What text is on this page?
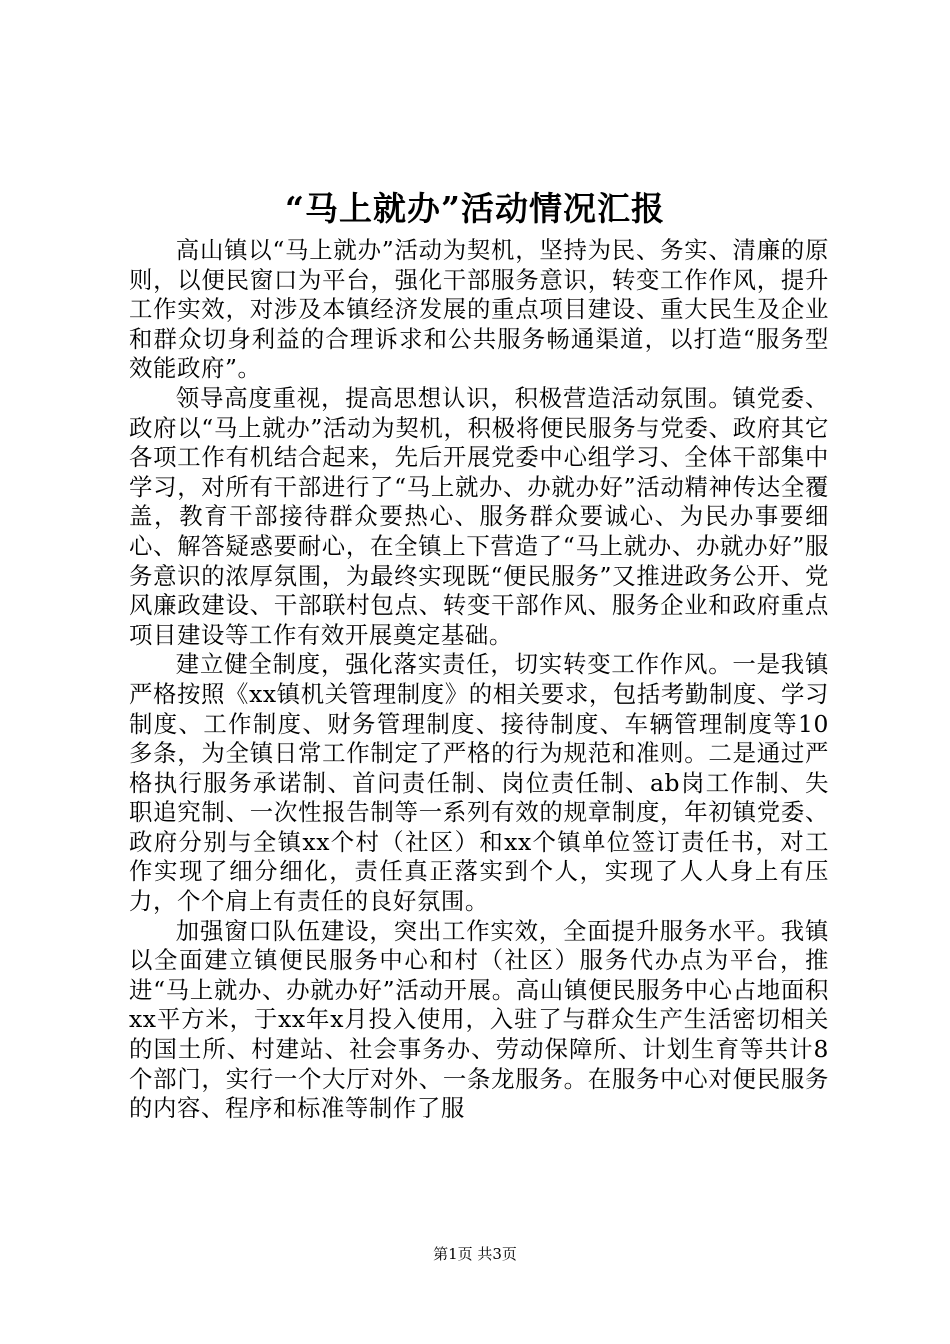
“马上就办”活动情况汇报

高山镇以“马上就办”活动为契机，坚持为民、务实、清廉的原则，以便民窗口为平台，强化干部服务意识，转变工作作风，提升工作实效，对涉及本镇经济发展的重点项目建设、重大民生及企业和群众切身利益的合理诉求和公共服务畅通渠道，以打造“服务型效能政府”。

领导高度重视，提高思想认识，积极营造活动氛围。镇党委、政府以“马上就办”活动为契机，积极将便民服务与党委、政府其它各项工作有机结合起来，先后开展党委中心组学习、全体干部集中学习，对所有干部进行了“马上就办、办就办好”活动精神传达全覆盖，教育干部接待群众要热心、服务群众要诚心、为民办事要细心、解答疑惑要耐心，在全镇上下营造了“马上就办、办就办好”服务意识的浓厚氛围，为最终实现既“便民服务”又推进政务公开、党风廉政建设、干部联村包点、转变干部作风、服务企业和政府重点项目建设等工作有效开展奠定基础。

建立健全制度，强化落实责任，切实转变工作作风。一是我镇严格按照《xx镇机关管理制度》的相关要求，包括考勤制度、学习制度、工作制度、财务管理制度、接待制度、车辆管理制度等10多条，为全镇日常工作制定了严格的行为规范和准则。二是通过严格执行服务承诺制、首问责任制、岗位责任制、ab岗工作制、失职追究制、一次性报告制等一系列有效的规章制度，年初镇党委、政府分别与全镇xx个村（社区）和xx个镇单位签订责任书，对工作实现了细分细化，责任真正落实到个人，实现了人人身上有压力，个个肩上有责任的良好氛围。

加强窗口队伍建设，突出工作实效，全面提升服务水平。我镇以全面建立镇便民服务中心和村（社区）服务代办点为平台，推进“马上就办、办就办好”活动开展。高山镇便民服务中心占地面积xx平方米，于xx年x月投入使用，入驻了与群众生产生活密切相关的国土所、村建站、社会事务办、劳动保障所、计划生育等共计8个部门，实行一个大厅对外、一条龙服务。在服务中心对便民服务的内容、程序和标准等制作了服

第1页 共3页
